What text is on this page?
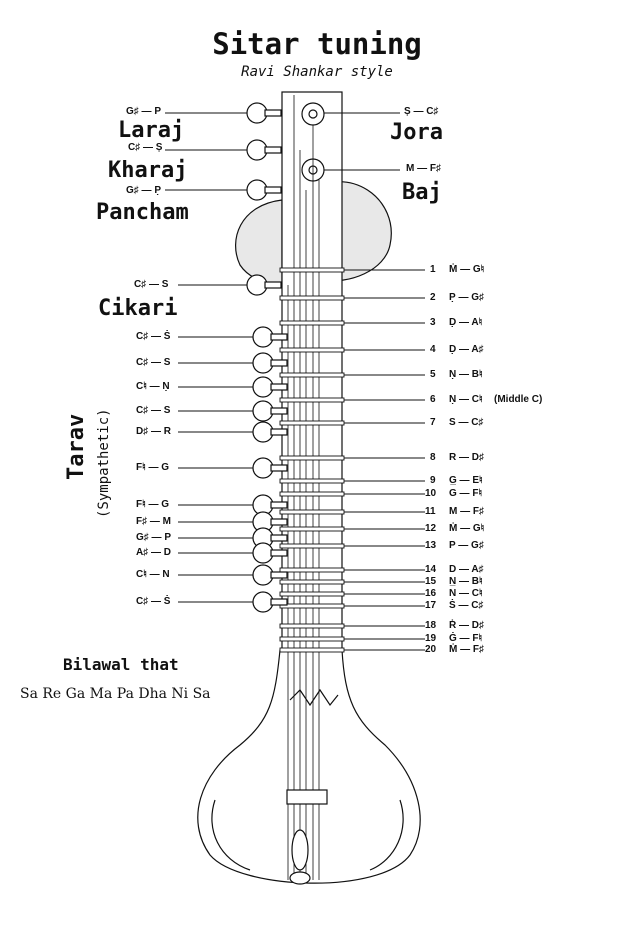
Sitar tuning
Ravi Shankar style
Laraj
G♯ — P
C♯ — Ṣ
Kharaj
G♯ — P̣
Pancham
Ṣ — C♯
Jora
M — F♯
Baj
C♯ — S
Cikari
Tarav (Sympathetic)
C♯ — Ṡ
C♯ — S
C♮ — Ṇ
C♯ — S
D♯ — R
F♮ — G
F♮ — G
F♯ — M
G♯ — P
A♯ — D
C♮ — N
C♯ — Ṡ
1 Ṁ — G♮
2 P̣ — G♯
3 Ḍ — A♮
4 Ḍ — A♯
5 Ṇ — B♮
6 Ṇ — C♮
7 S — C♯
8 R — D♯
9 G̲ — E♮
10 G — F♮
11 M — F♯
12 Ṁ — G♮
13 P — G♯
14 D — A♯
15 N̲ — B♮
16 N — C♮
17 Ṡ — C♯
18 Ṙ — D♯
19 Ġ — F♮
20 Ṁ — F♯
(Middle C)
Bilawal that
Sa Re Ga Ma Pa Dha Ni Sa
